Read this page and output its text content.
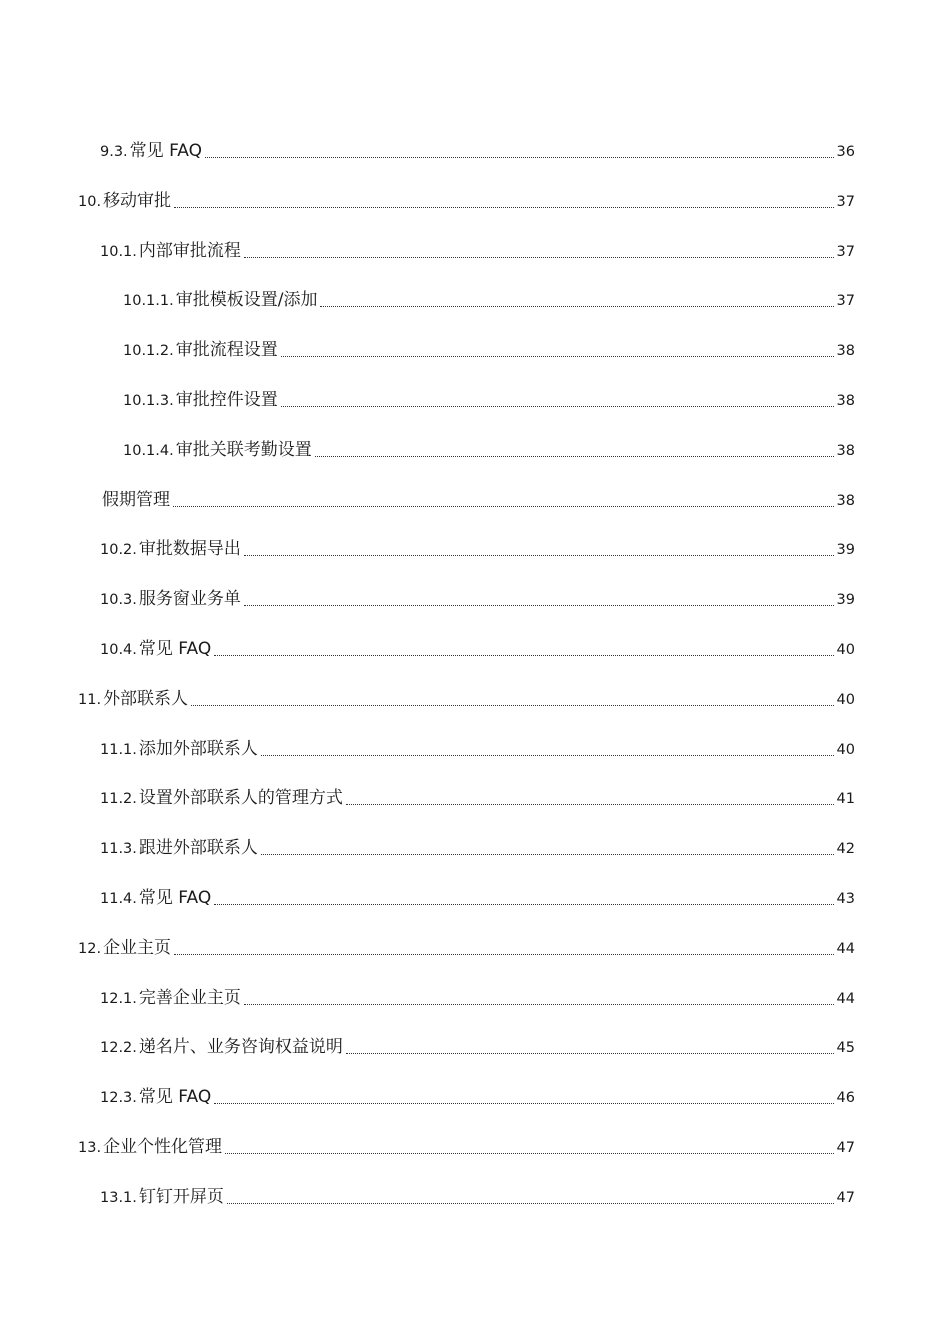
9.3. 常见 FAQ	36
10. 移动审批	37
10.1. 内部审批流程	37
10.1.1. 审批模板设置/添加	37
10.1.2. 审批流程设置	38
10.1.3. 审批控件设置	38
10.1.4. 审批关联考勤设置	38
假期管理	38
10.2. 审批数据导出	39
10.3. 服务窗业务单	39
10.4. 常见 FAQ	40
11. 外部联系人	40
11.1. 添加外部联系人	40
11.2. 设置外部联系人的管理方式	41
11.3. 跟进外部联系人	42
11.4. 常见 FAQ	43
12. 企业主页	44
12.1. 完善企业主页	44
12.2. 递名片、业务咨询权益说明	45
12.3. 常见 FAQ	46
13. 企业个性化管理	47
13.1. 钉钉开屏页	47
